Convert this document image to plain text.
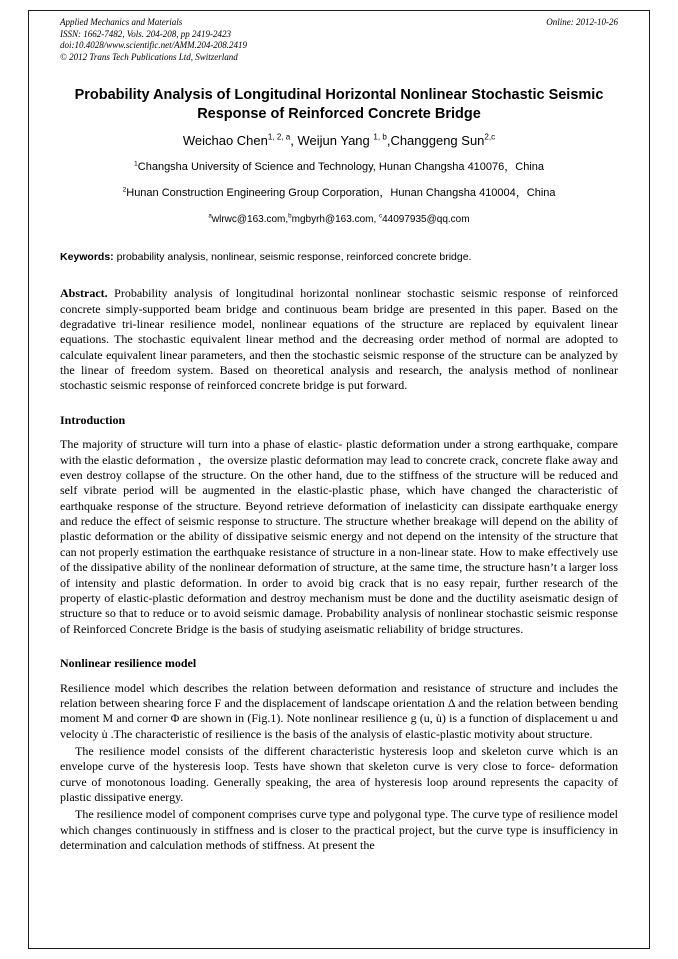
Applied Mechanics and Materials
ISSN: 1662-7482, Vols. 204-208, pp 2419-2423
doi:10.4028/www.scientific.net/AMM.204-208.2419
© 2012 Trans Tech Publications Ltd, Switzerland
Online: 2012-10-26
Probability Analysis of Longitudinal Horizontal Nonlinear Stochastic Seismic Response of Reinforced Concrete Bridge
Weichao Chen$^{1, 2, a}$, Weijun Yang $^{1, b}$,Changgeng Sun$^{2,c}$
$^1$Changsha University of Science and Technology, Hunan Changsha 410076，China
$^2$Hunan Construction Engineering Group Corporation，Hunan Changsha 410004，China
$^a$wlrwc@163.com,$^b$mgbyrh@163.com, $^c$44097935@qq.com

Keywords: probability analysis, nonlinear, seismic response, reinforced concrete bridge.

Abstract. Probability analysis of longitudinal horizontal nonlinear stochastic seismic response of reinforced concrete simply-supported beam bridge and continuous beam bridge are presented in this paper. Based on the degradative tri-linear resilience model, nonlinear equations of the structure are replaced by equivalent linear equations. The stochastic equivalent linear method and the decreasing order method of normal are adopted to calculate equivalent linear parameters, and then the stochastic seismic response of the structure can be analyzed by the linear of freedom system. Based on theoretical analysis and research, the analysis method of nonlinear stochastic seismic response of reinforced concrete bridge is put forward.

Introduction

The majority of structure will turn into a phase of elastic- plastic deformation under a strong earthquake, compare with the elastic deformation ，the oversize plastic deformation may lead to concrete crack, concrete flake away and even destroy collapse of the structure. On the other hand, due to the stiffness of the structure will be reduced and self vibrate period will be augmented in the elastic-plastic phase, which have changed the characteristic of earthquake response of the structure. Beyond retrieve deformation of inelasticity can dissipate earthquake energy and reduce the effect of seismic response to structure. The structure whether breakage will depend on the ability of plastic deformation or the ability of dissipative seismic energy and not depend on the intensity of the structure that can not properly estimation the earthquake resistance of structure in a non-linear state. How to make effectively use of the dissipative ability of the nonlinear deformation of structure, at the same time, the structure hasn’t a larger loss of intensity and plastic deformation. In order to avoid big crack that is no easy repair, further research of the property of elastic-plastic deformation and destroy mechanism must be done and the ductility aseismatic design of structure so that to reduce or to avoid seismic damage. Probability analysis of nonlinear stochastic seismic response of Reinforced Concrete Bridge is the basis of studying aseismatic reliability of bridge structures.

Nonlinear resilience model

Resilience model which describes the relation between deformation and resistance of structure and includes the relation between shearing force F and the displacement of landscape orientation Δ and the relation between bending moment M and corner Φ are shown in (Fig.1). Note nonlinear resilience g (u, u̇) is a function of displacement u and velocity u̇ .The characteristic of resilience is the basis of the analysis of elastic-plastic motivity about structure.

The resilience model consists of the different characteristic hysteresis loop and skeleton curve which is an envelope curve of the hysteresis loop. Tests have shown that skeleton curve is very close to force- deformation curve of monotonous loading. Generally speaking, the area of hysteresis loop around represents the capacity of plastic dissipative energy.

The resilience model of component comprises curve type and polygonal type. The curve type of resilience model which changes continuously in stiffness and is closer to the practical project, but the curve type is insufficiency in determination and calculation methods of stiffness. At present the
